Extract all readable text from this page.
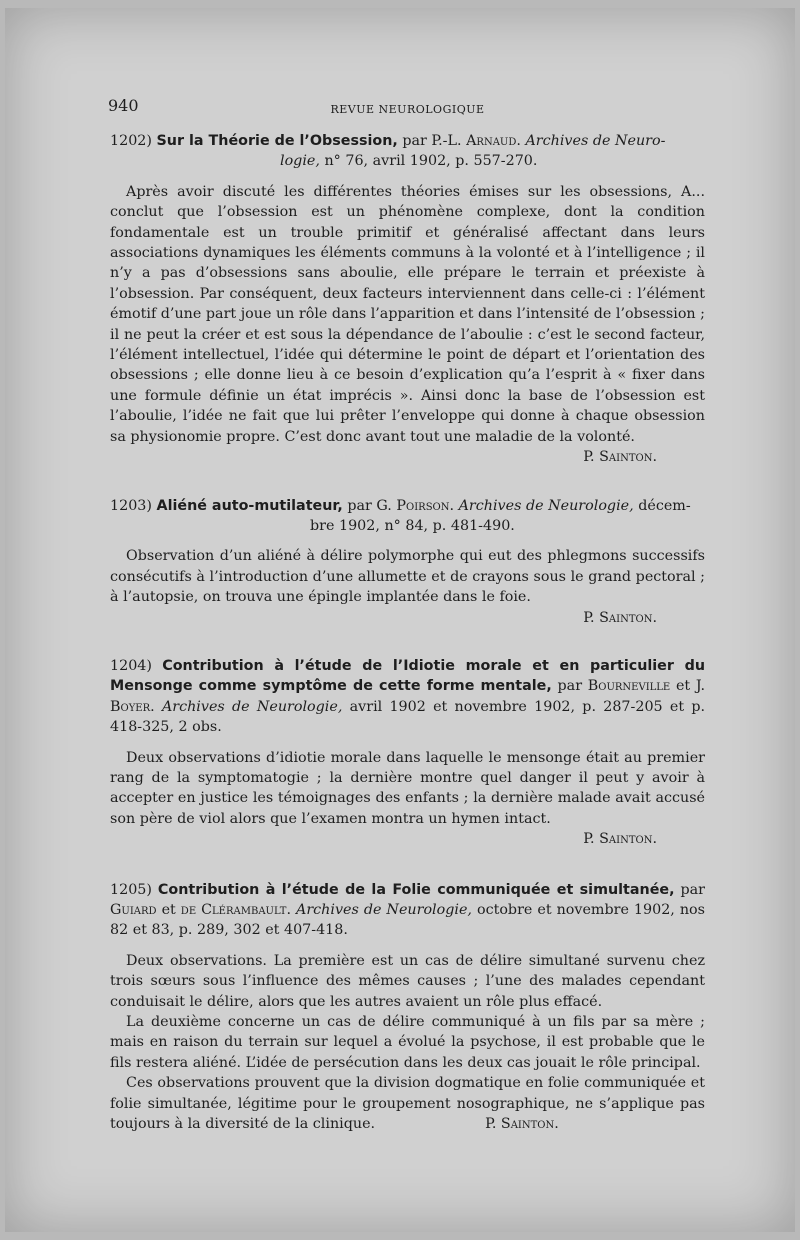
940	REVUE NEUROLOGIQUE
1202) Sur la Théorie de l’Obsession, par P.-L. Arnaud. Archives de Neuro-
logie, n° 76, avril 1902, p. 557-270.

Après avoir discuté les différentes théories émises sur les obsessions, A... conclut que l’obsession est un phénomène complexe, dont la condition fondamentale est un trouble primitif et généralisé affectant dans leurs associations dynamiques les éléments communs à la volonté et à l’intelligence ; il n’y a pas d’obsessions sans aboulie, elle prépare le terrain et préexiste à l’obsession. Par conséquent, deux facteurs interviennent dans celle-ci : l’élément émotif d’une part joue un rôle dans l’apparition et dans l’intensité de l’obsession ; il ne peut la créer et est sous la dépendance de l’aboulie : c’est le second facteur, l’élément intellectuel, l’idée qui détermine le point de départ et l’orientation des obsessions ; elle donne lieu à ce besoin d’explication qu’a l’esprit à « fixer dans une formule définie un état imprécis ». Ainsi donc la base de l’obsession est l’aboulie, l’idée ne fait que lui prêter l’enveloppe qui donne à chaque obsession sa physionomie propre. C’est donc avant tout une maladie de la volonté.

P. Sainton.
1203) Aliéné auto-mutilateur, par G. Poirson. Archives de Neurologie, décem-
bre 1902, n° 84, p. 481-490.

Observation d’un aliéné à délire polymorphe qui eut des phlegmons successifs consécutifs à l’introduction d’une allumette et de crayons sous le grand pectoral ; à l’autopsie, on trouva une épingle implantée dans le foie.

P. Sainton.

1204) Contribution à l’étude de l’Idiotie morale et en particulier du Mensonge comme symptôme de cette forme mentale, par Bourneville et J. Boyer. Archives de Neurologie, avril 1902 et novembre 1902, p. 287-205 et p. 418-325, 2 obs.

Deux observations d’idiotie morale dans laquelle le mensonge était au premier rang de la symptomatogie ; la dernière montre quel danger il peut y avoir à accepter en justice les témoignages des enfants ; la dernière malade avait accusé son père de viol alors que l’examen montra un hymen intact.

P. Sainton.

1205) Contribution à l’étude de la Folie communiquée et simultanée, par Guiard et de Clérambault. Archives de Neurologie, octobre et novembre 1902, nos 82 et 83, p. 289, 302 et 407-418.

Deux observations. La première est un cas de délire simultané survenu chez trois sœurs sous l’influence des mêmes causes ; l’une des malades cependant conduisait le délire, alors que les autres avaient un rôle plus effacé.

La deuxième concerne un cas de délire communiqué à un fils par sa mère ; mais en raison du terrain sur lequel a évolué la psychose, il est probable que le fils restera aliéné. L’idée de persécution dans les deux cas jouait le rôle principal.

Ces observations prouvent que la division dogmatique en folie communiquée et folie simultanée, légitime pour le groupement nosographique, ne s’applique pas toujours à la diversité de la clinique.	P. Sainton.
